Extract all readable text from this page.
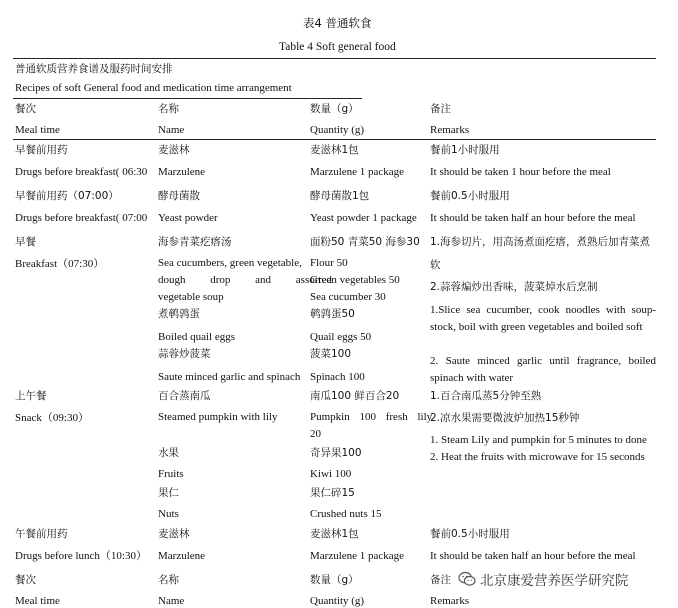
表4 普通软食
Table 4 Soft general food
普通软质营养食谱及服药时间安排
Recipes of soft General food and medication time arrangement
餐次
Meal time
名称
Name
数量（g）
Quantity (g)
备注
Remarks
早餐前用药
Drugs before breakfast( 06:30
麦滋林
Marzulene
麦滋林1包
Marzulene 1 package
餐前1小时服用
It should be taken 1 hour before the meal
早餐前用药（07:00）
Drugs before breakfast( 07:00
酵母菌散
Yeast powder
酵母菌散1包
Yeast powder 1 package
餐前0.5小时服用
It should be taken half an hour before the meal
早餐
Breakfast（07:30）
海参青菜疙瘩汤
Sea cucumbers, green vegetable,
dough drop and assorted
vegetable soup
煮鹌鹑蛋
Boiled quail eggs
蒜蓉炒菠菜
Saute minced garlic and spinach
面粉50 青菜50 海参30
Flour 50
Green vegetables 50
Sea cucumber 30
鹌鹑蛋50
Quail eggs 50
菠菜100
Spinach 100
1.海参切片，用高汤煮面疙瘩，煮熟后加青菜煮
软
2.蒜蓉煸炒出香味，菠菜焯水后烹制
1.Slice sea cucumber, cook noodles with soup-stock, boil with green vegetables and boiled soft
2. Saute minced garlic until fragrance, boiled spinach with water
上午餐
Snack（09:30）
百合蒸南瓜
Steamed pumpkin with lily
水果
Fruits
果仁
Nuts
南瓜100 鲜百合20
Pumpkin 100 fresh lily
20
奇异果100
Kiwi 100
果仁碎15
Crushed nuts 15
1.百合南瓜蒸5分钟至熟
2.凉水果需要微波炉加热15秒钟
1. Steam Lily and pumpkin for 5 minutes to done
2. Heat the fruits with microwave for 15 seconds
午餐前用药
Drugs before lunch（10:30）
麦滋林
Marzulene
麦滋林1包
Marzulene 1 package
餐前0.5小时服用
It should be taken half an hour before the meal
餐次
Meal time
名称
Name
数量（g）
Quantity (g)
备注
Remarks
北京康爱营养医学研究院
